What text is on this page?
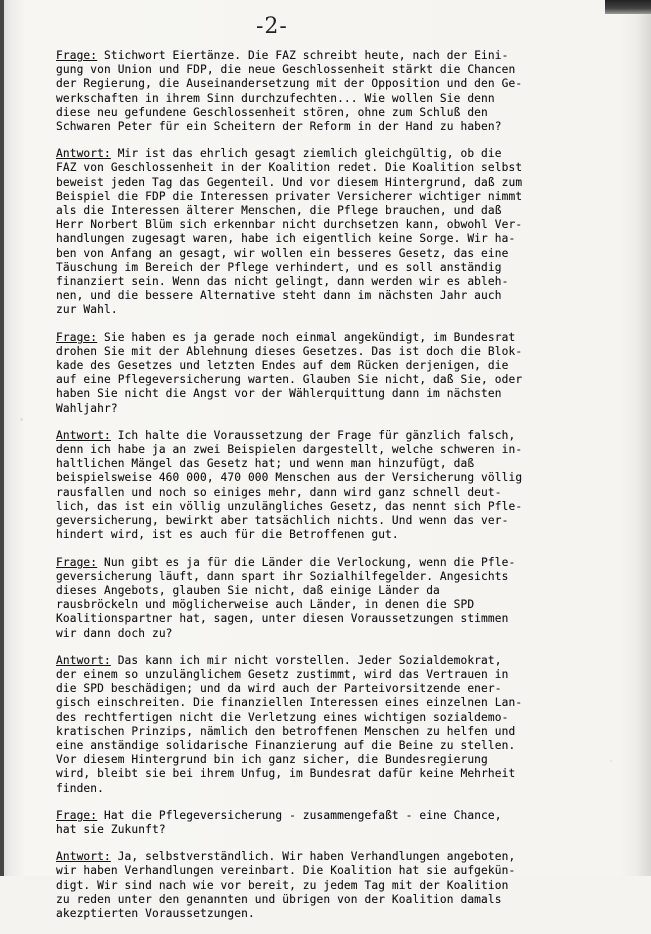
-2-

Frage: Stichwort Eiertänze. Die FAZ schreibt heute, nach der Eini-
gung von Union und FDP, die neue Geschlossenheit stärkt die Chancen
der Regierung, die Auseinandersetzung mit der Opposition und den Ge-
werkschaften in ihrem Sinn durchzufechten... Wie wollen Sie denn
diese neu gefundene Geschlossenheit stören, ohne zum Schluß den
Schwaren Peter für ein Scheitern der Reform in der Hand zu haben?

Antwort: Mir ist das ehrlich gesagt ziemlich gleichgültig, ob die
FAZ von Geschlossenheit in der Koalition redet. Die Koalition selbst
beweist jeden Tag das Gegenteil. Und vor diesem Hintergrund, daß zum
Beispiel die FDP die Interessen privater Versicherer wichtiger nimmt
als die Interessen älterer Menschen, die Pflege brauchen, und daß
Herr Norbert Blüm sich erkennbar nicht durchsetzen kann, obwohl Ver-
handlungen zugesagt waren, habe ich eigentlich keine Sorge. Wir ha-
ben von Anfang an gesagt, wir wollen ein besseres Gesetz, das eine
Täuschung im Bereich der Pflege verhindert, und es soll anständig
finanziert sein. Wenn das nicht gelingt, dann werden wir es ableh-
nen, und die bessere Alternative steht dann im nächsten Jahr auch
zur Wahl.

Frage: Sie haben es ja gerade noch einmal angekündigt, im Bundesrat
drohen Sie mit der Ablehnung dieses Gesetzes. Das ist doch die Blok-
kade des Gesetzes und letzten Endes auf dem Rücken derjenigen, die
auf eine Pflegeversicherung warten. Glauben Sie nicht, daß Sie, oder
haben Sie nicht die Angst vor der Wählerquittung dann im nächsten
Wahljahr?

Antwort: Ich halte die Voraussetzung der Frage für gänzlich falsch,
denn ich habe ja an zwei Beispielen dargestellt, welche schweren in-
haltlichen Mängel das Gesetz hat; und wenn man hinzufügt, daß
beispielsweise 460 000, 470 000 Menschen aus der Versicherung völlig
rausfallen und noch so einiges mehr, dann wird ganz schnell deut-
lich, das ist ein völlig unzulängliches Gesetz, das nennt sich Pfle-
geversicherung, bewirkt aber tatsächlich nichts. Und wenn das ver-
hindert wird, ist es auch für die Betroffenen gut.

Frage: Nun gibt es ja für die Länder die Verlockung, wenn die Pfle-
geversicherung läuft, dann spart ihr Sozialhilfegelder. Angesichts
dieses Angebots, glauben Sie nicht, daß einige Länder da
rausbröckeln und möglicherweise auch Länder, in denen die SPD
Koalitionspartner hat, sagen, unter diesen Voraussetzungen stimmen
wir dann doch zu?

Antwort: Das kann ich mir nicht vorstellen. Jeder Sozialdemokrat,
der einem so unzulänglichem Gesetz zustimmt, wird das Vertrauen in
die SPD beschädigen; und da wird auch der Parteivorsitzende ener-
gisch einschreiten. Die finanziellen Interessen eines einzelnen Lan-
des rechtfertigen nicht die Verletzung eines wichtigen sozialdemo-
kratischen Prinzips, nämlich den betroffenen Menschen zu helfen und
eine anständige solidarische Finanzierung auf die Beine zu stellen.
Vor diesem Hintergrund bin ich ganz sicher, die Bundesregierung
wird, bleibt sie bei ihrem Unfug, im Bundesrat dafür keine Mehrheit
finden.

Frage: Hat die Pflegeversicherung - zusammengefaßt - eine Chance,
hat sie Zukunft?

Antwort: Ja, selbstverständlich. Wir haben Verhandlungen angeboten,
wir haben Verhandlungen vereinbart. Die Koalition hat sie aufgekün-
digt. Wir sind nach wie vor bereit, zu jedem Tag mit der Koalition
zu reden unter den genannten und übrigen von der Koalition damals
akezptierten Voraussetzungen.
